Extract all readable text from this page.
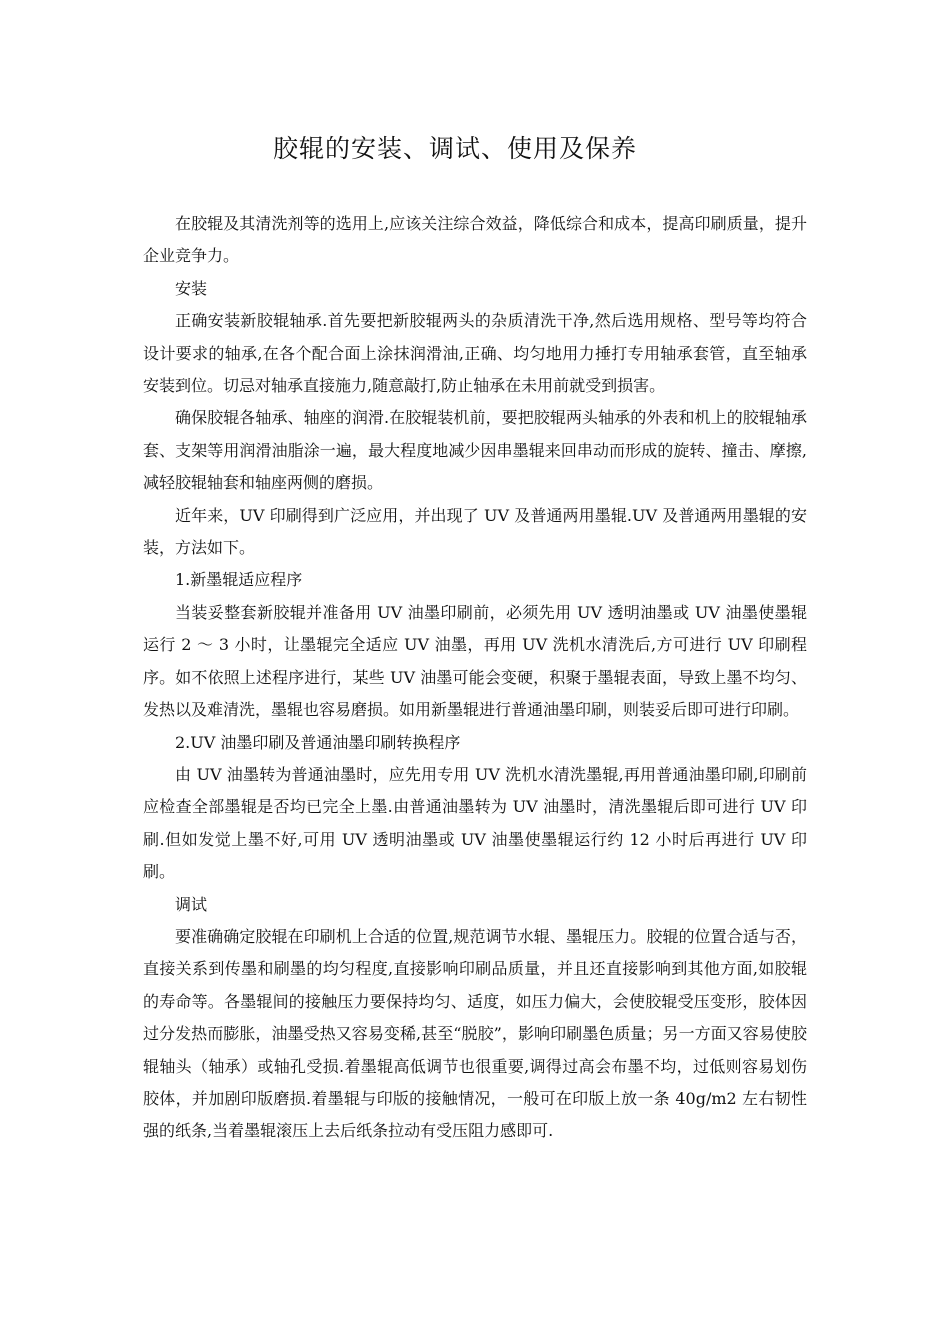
胶辊的安装、调试、使用及保养

在胶辊及其清洗剂等的选用上,应该关注综合效益，降低综合和成本，提高印刷质量，提升企业竞争力。

安装

正确安装新胶辊轴承.首先要把新胶辊两头的杂质清洗干净,然后选用规格、型号等均符合设计要求的轴承,在各个配合面上涂抹润滑油,正确、均匀地用力捶打专用轴承套管，直至轴承安装到位。切忌对轴承直接施力,随意敲打,防止轴承在未用前就受到损害。

确保胶辊各轴承、轴座的润滑.在胶辊装机前，要把胶辊两头轴承的外表和机上的胶辊轴承套、支架等用润滑油脂涂一遍，最大程度地减少因串墨辊来回串动而形成的旋转、撞击、摩擦,减轻胶辊轴套和轴座两侧的磨损。

近年来，UV 印刷得到广泛应用，并出现了 UV 及普通两用墨辊.UV 及普通两用墨辊的安装，方法如下。

1.新墨辊适应程序

当装妥整套新胶辊并准备用 UV 油墨印刷前，必须先用 UV 透明油墨或 UV 油墨使墨辊运行 2 ～ 3 小时，让墨辊完全适应 UV 油墨，再用 UV 洗机水清洗后,方可进行 UV 印刷程序。如不依照上述程序进行，某些 UV 油墨可能会变硬，积聚于墨辊表面，导致上墨不均匀、发热以及难清洗，墨辊也容易磨损。如用新墨辊进行普通油墨印刷，则装妥后即可进行印刷。

2.UV 油墨印刷及普通油墨印刷转换程序

由 UV 油墨转为普通油墨时，应先用专用 UV 洗机水清洗墨辊,再用普通油墨印刷,印刷前应检查全部墨辊是否均已完全上墨.由普通油墨转为 UV 油墨时，清洗墨辊后即可进行 UV 印刷.但如发觉上墨不好,可用 UV 透明油墨或 UV 油墨使墨辊运行约 12 小时后再进行 UV 印刷。

调试

要准确确定胶辊在印刷机上合适的位置,规范调节水辊、墨辊压力。胶辊的位置合适与否，直接关系到传墨和刷墨的均匀程度,直接影响印刷品质量，并且还直接影响到其他方面,如胶辊的寿命等。各墨辊间的接触压力要保持均匀、适度，如压力偏大，会使胶辊受压变形，胶体因过分发热而膨胀，油墨受热又容易变稀,甚至“脱胶”，影响印刷墨色质量；另一方面又容易使胶辊轴头（轴承）或轴孔受损.着墨辊高低调节也很重要,调得过高会布墨不均，过低则容易划伤胶体，并加剧印版磨损.着墨辊与印版的接触情况，一般可在印版上放一条 40g/m2 左右韧性强的纸条,当着墨辊滚压上去后纸条拉动有受压阻力感即可.
